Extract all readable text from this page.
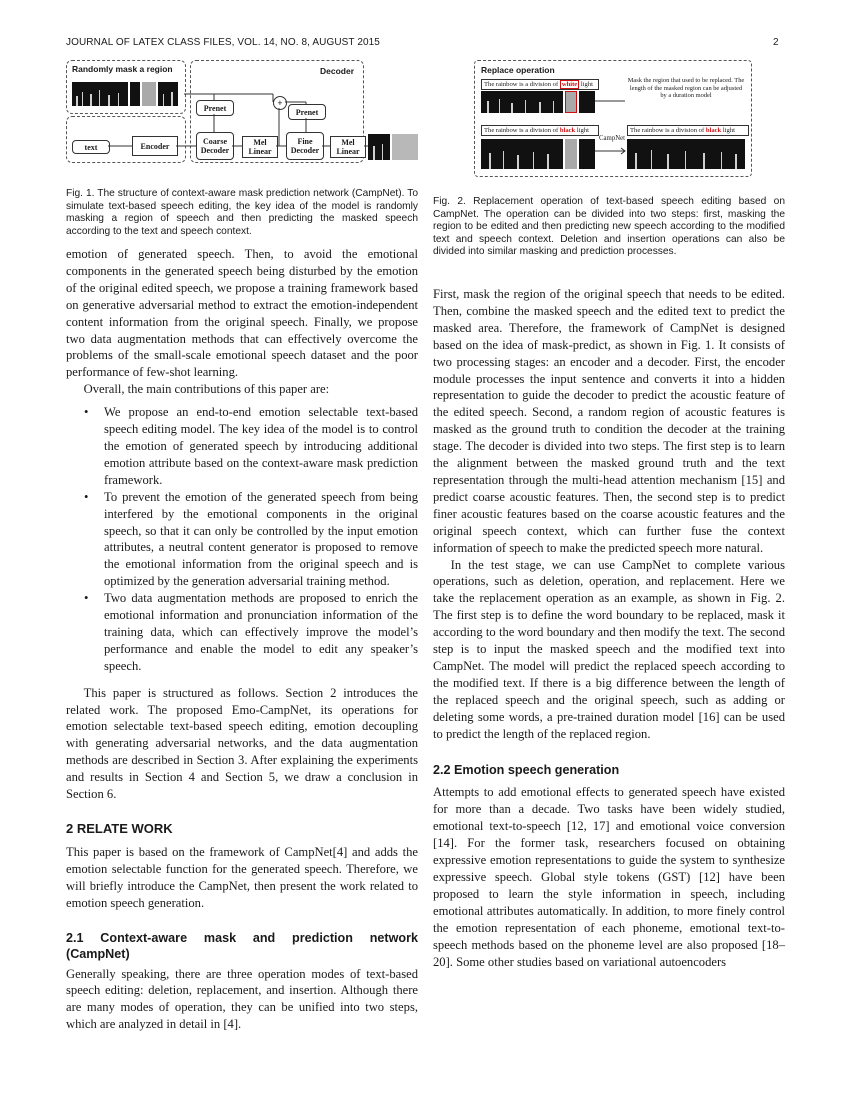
JOURNAL OF LATEX CLASS FILES, VOL. 14, NO. 8, AUGUST 2015	2
Randomly mask a region
text	Encoder
Decoder
Prenet
+
Prenet
Coarse Decoder
Mel Linear
Fine Decoder
Mel Linear

Fig. 1. The structure of context-aware mask prediction network (CampNet). To simulate text-based speech editing, the key idea of the model is randomly masking a region of speech and then predicting the masked speech according to the text and speech context.

Replace operation
The rainbow is a division of white light
Mask the region that used to be replaced. The length of the masked region can be adjusted by a duration model
The rainbow is a division of black light
CampNet
The rainbow is a division of black light

Fig. 2. Replacement operation of text-based speech editing based on CampNet. The operation can be divided into two steps: first, masking the region to be edited and then predicting new speech according to the modified text and speech context. Deletion and insertion operations can also be divided into similar masking and prediction processes.

emotion of generated speech. Then, to avoid the emotional components in the generated speech being disturbed by the emotion of the original edited speech, we propose a training framework based on generative adversarial method to extract the emotion-independent content information from the original speech. Finally, we propose two data augmentation methods that can effectively overcome the problems of the small-scale emotional speech dataset and the poor performance of few-shot learning.

Overall, the main contributions of this paper are:

• We propose an end-to-end emotion selectable text-based speech editing model. The key idea of the model is to control the emotion of generated speech by introducing additional emotion attribute based on the context-aware mask prediction framework.
• To prevent the emotion of the generated speech from being interfered by the emotional components in the original speech, so that it can only be controlled by the input emotion attributes, a neutral content generator is proposed to remove the emotional information from the original speech and is optimized by the generation adversarial training method.
• Two data augmentation methods are proposed to enrich the emotional information and pronunciation information of the training data, which can effectively improve the model’s performance and enable the model to edit any speaker’s speech.

This paper is structured as follows. Section 2 introduces the related work. The proposed Emo-CampNet, its operations for emotion selectable text-based speech editing, emotion decoupling with generating adversarial networks, and the data augmentation methods are described in Section 3. After explaining the experiments and results in Section 4 and Section 5, we draw a conclusion in Section 6.

2 RELATE WORK

This paper is based on the framework of CampNet[4] and adds the emotion selectable function for the generated speech. Therefore, we will briefly introduce the CampNet, then present the work related to emotion speech generation.

2.1 Context-aware mask and prediction network (CampNet)

Generally speaking, there are three operation modes of text-based speech editing: deletion, replacement, and insertion. Although there are many modes of operation, they can be unified into two steps, which are analyzed in detail in [4].

First, mask the region of the original speech that needs to be edited. Then, combine the masked speech and the edited text to predict the masked area. Therefore, the framework of CampNet is designed based on the idea of mask-predict, as shown in Fig. 1. It consists of two processing stages: an encoder and a decoder. First, the encoder module processes the input sentence and converts it into a hidden representation to guide the decoder to predict the acoustic feature of the edited speech. Second, a random region of acoustic features is masked as the ground truth to condition the decoder at the training stage. The decoder is divided into two steps. The first step is to learn the alignment between the masked ground truth and the text representation through the multi-head attention mechanism [15] and predict coarse acoustic features. Then, the second step is to predict finer acoustic features based on the coarse acoustic features and the original speech context, which can further fuse the context information of speech to make the predicted speech more natural.

In the test stage, we can use CampNet to complete various operations, such as deletion, operation, and replacement. Here we take the replacement operation as an example, as shown in Fig. 2. The first step is to define the word boundary to be replaced, mask it according to the word boundary and then modify the text. The second step is to input the masked speech and the modified text into CampNet. The model will predict the replaced speech according to the modified text. If there is a big difference between the length of the replaced speech and the original speech, such as adding or deleting some words, a pre-trained duration model [16] can be used to predict the length of the replaced region.

2.2 Emotion speech generation

Attempts to add emotional effects to generated speech have existed for more than a decade. Two tasks have been widely studied, emotional text-to-speech [12, 17] and emotional voice conversion [14]. For the former task, researchers focused on obtaining expressive emotion representations to guide the system to synthesize expressive speech. Global style tokens (GST) [12] have been proposed to learn the style information in speech, including emotional attributes automatically. In addition, to more finely control the emotion representation of each phoneme, emotional text-to-speech methods based on the phoneme level are also proposed [18–20]. Some other studies based on variational autoencoders
